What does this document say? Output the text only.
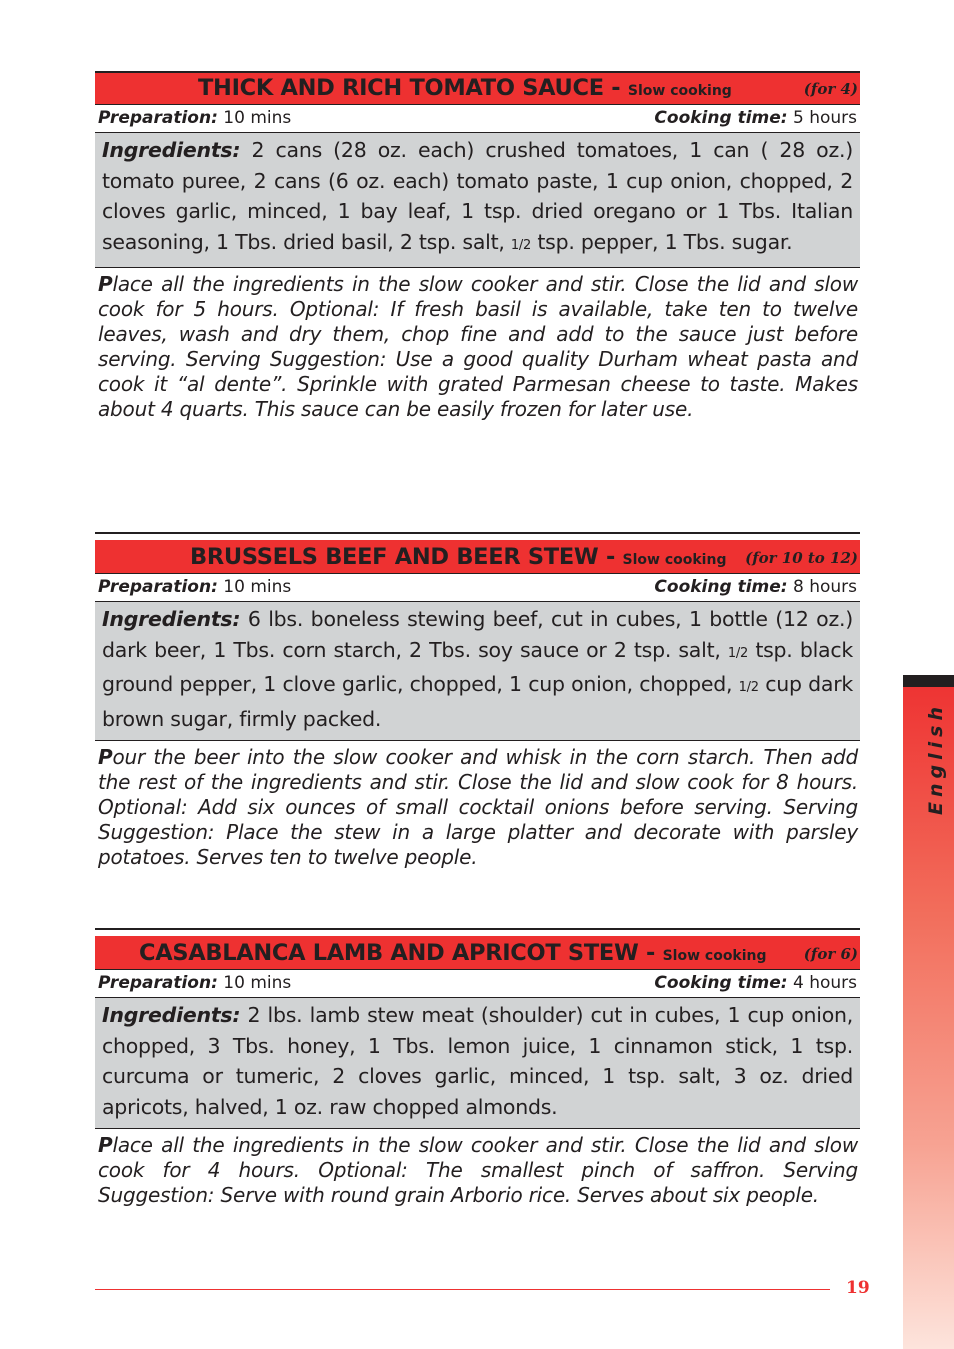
THICK AND RICH TOMATO SAUCE - Slow cooking	(for 4)
Preparation: 10 mins	Cooking time: 5 hours
Ingredients: 2 cans (28 oz. each) crushed tomatoes, 1 can ( 28 oz.) tomato puree, 2 cans (6 oz. each) tomato paste, 1 cup onion, chopped, 2 cloves garlic, minced, 1 bay leaf, 1 tsp. dried oregano or 1 Tbs. Italian seasoning, 1 Tbs. dried basil, 2 tsp. salt, 1/2 tsp. pepper, 1 Tbs. sugar.
Place all the ingredients in the slow cooker and stir. Close the lid and slow cook for 5 hours. Optional: If fresh basil is available, take ten to twelve leaves, wash and dry them, chop fine and add to the sauce just before serving. Serving Suggestion: Use a good quality Durham wheat pasta and cook it “al dente”. Sprinkle with grated Parmesan cheese to taste. Makes about 4 quarts. This sauce can be easily frozen for later use.
BRUSSELS BEEF AND BEER STEW - Slow cooking (for 10 to 12)
Preparation: 10 mins	Cooking time: 8 hours
Ingredients: 6 lbs. boneless stewing beef, cut in cubes, 1 bottle (12 oz.) dark beer, 1 Tbs. corn starch, 2 Tbs. soy sauce or 2 tsp. salt, 1/2 tsp. black ground pepper, 1 clove garlic, chopped, 1 cup onion, chopped, 1/2 cup dark brown sugar, firmly packed.
Pour the beer into the slow cooker and whisk in the corn starch. Then add the rest of the ingredients and stir. Close the lid and slow cook for 8 hours. Optional: Add six ounces of small cocktail onions before serving. Serving Suggestion: Place the stew in a large platter and decorate with parsley potatoes. Serves ten to twelve people.
CASABLANCA LAMB AND APRICOT STEW - Slow cooking (for 6)
Preparation: 10 mins	Cooking time: 4 hours
Ingredients: 2 lbs. lamb stew meat (shoulder) cut in cubes, 1 cup onion, chopped, 3 Tbs. honey, 1 Tbs. lemon juice, 1 cinnamon stick, 1 tsp. curcuma or tumeric, 2 cloves garlic, minced, 1 tsp. salt, 3 oz. dried apricots, halved, 1 oz. raw chopped almonds.
Place all the ingredients in the slow cooker and stir. Close the lid and slow cook for 4 hours. Optional: The smallest pinch of saffron. Serving Suggestion: Serve with round grain Arborio rice. Serves about six people.
English
19
